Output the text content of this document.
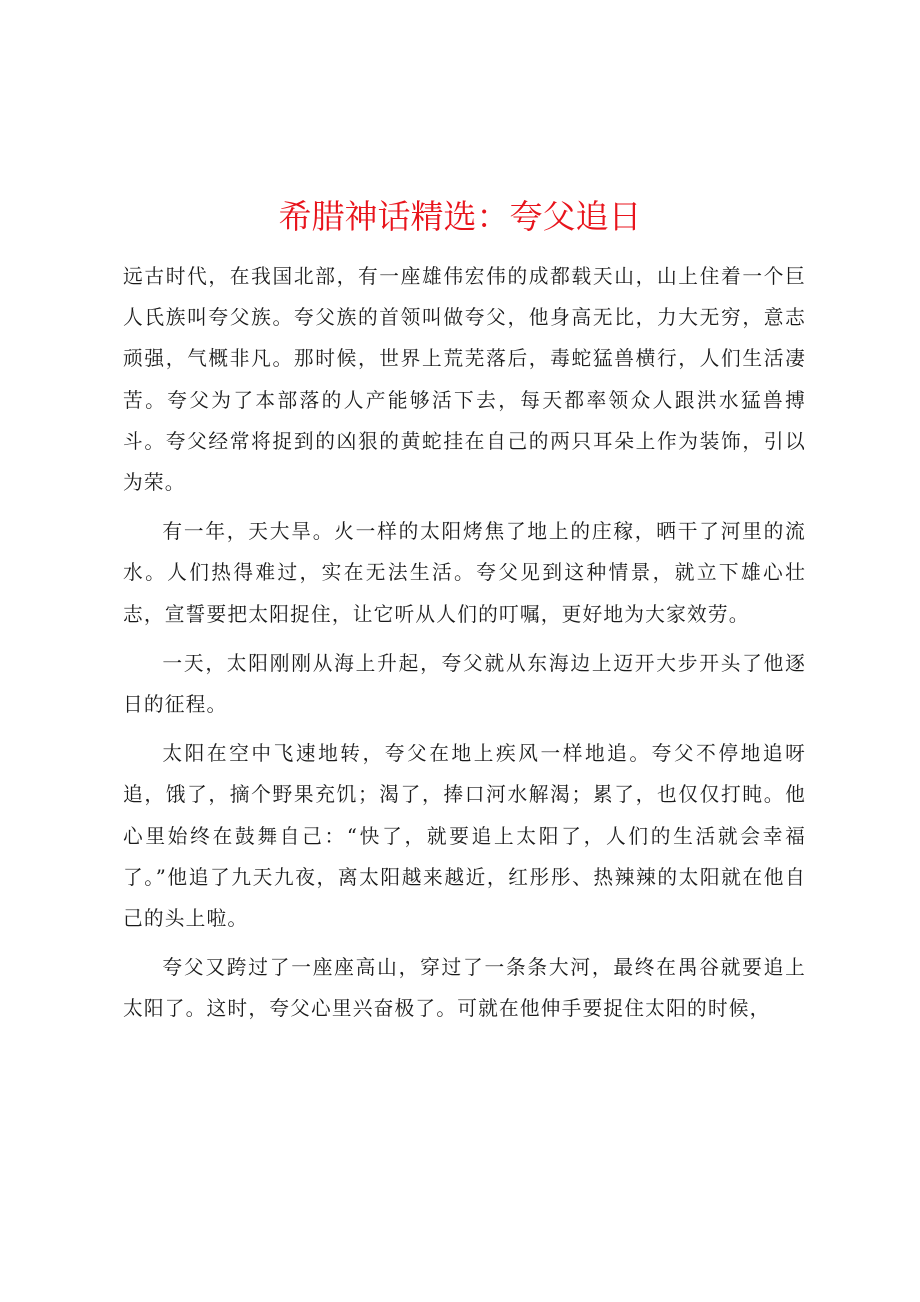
希腊神话精选：夸父追日

远古时代，在我国北部，有一座雄伟宏伟的成都载天山，山上住着一个巨人氏族叫夸父族。夸父族的首领叫做夸父，他身高无比，力大无穷，意志顽强，气概非凡。那时候，世界上荒芜落后，毒蛇猛兽横行，人们生活凄苦。夸父为了本部落的人产能够活下去，每天都率领众人跟洪水猛兽搏斗。夸父经常将捉到的凶狠的黄蛇挂在自己的两只耳朵上作为装饰，引以为荣。

有一年，天大旱。火一样的太阳烤焦了地上的庄稼，晒干了河里的流水。人们热得难过，实在无法生活。夸父见到这种情景，就立下雄心壮志，宣誓要把太阳捉住，让它听从人们的叮嘱，更好地为大家效劳。

一天，太阳刚刚从海上升起，夸父就从东海边上迈开大步开头了他逐日的征程。

太阳在空中飞速地转，夸父在地上疾风一样地追。夸父不停地追呀追，饿了，摘个野果充饥；渴了，捧口河水解渴；累了，也仅仅打盹。他心里始终在鼓舞自己：“快了，就要追上太阳了，人们的生活就会幸福了。”他追了九天九夜，离太阳越来越近，红彤彤、热辣辣的太阳就在他自己的头上啦。

夸父又跨过了一座座高山，穿过了一条条大河，最终在禺谷就要追上太阳了。这时，夸父心里兴奋极了。可就在他伸手要捉住太阳的时候，
